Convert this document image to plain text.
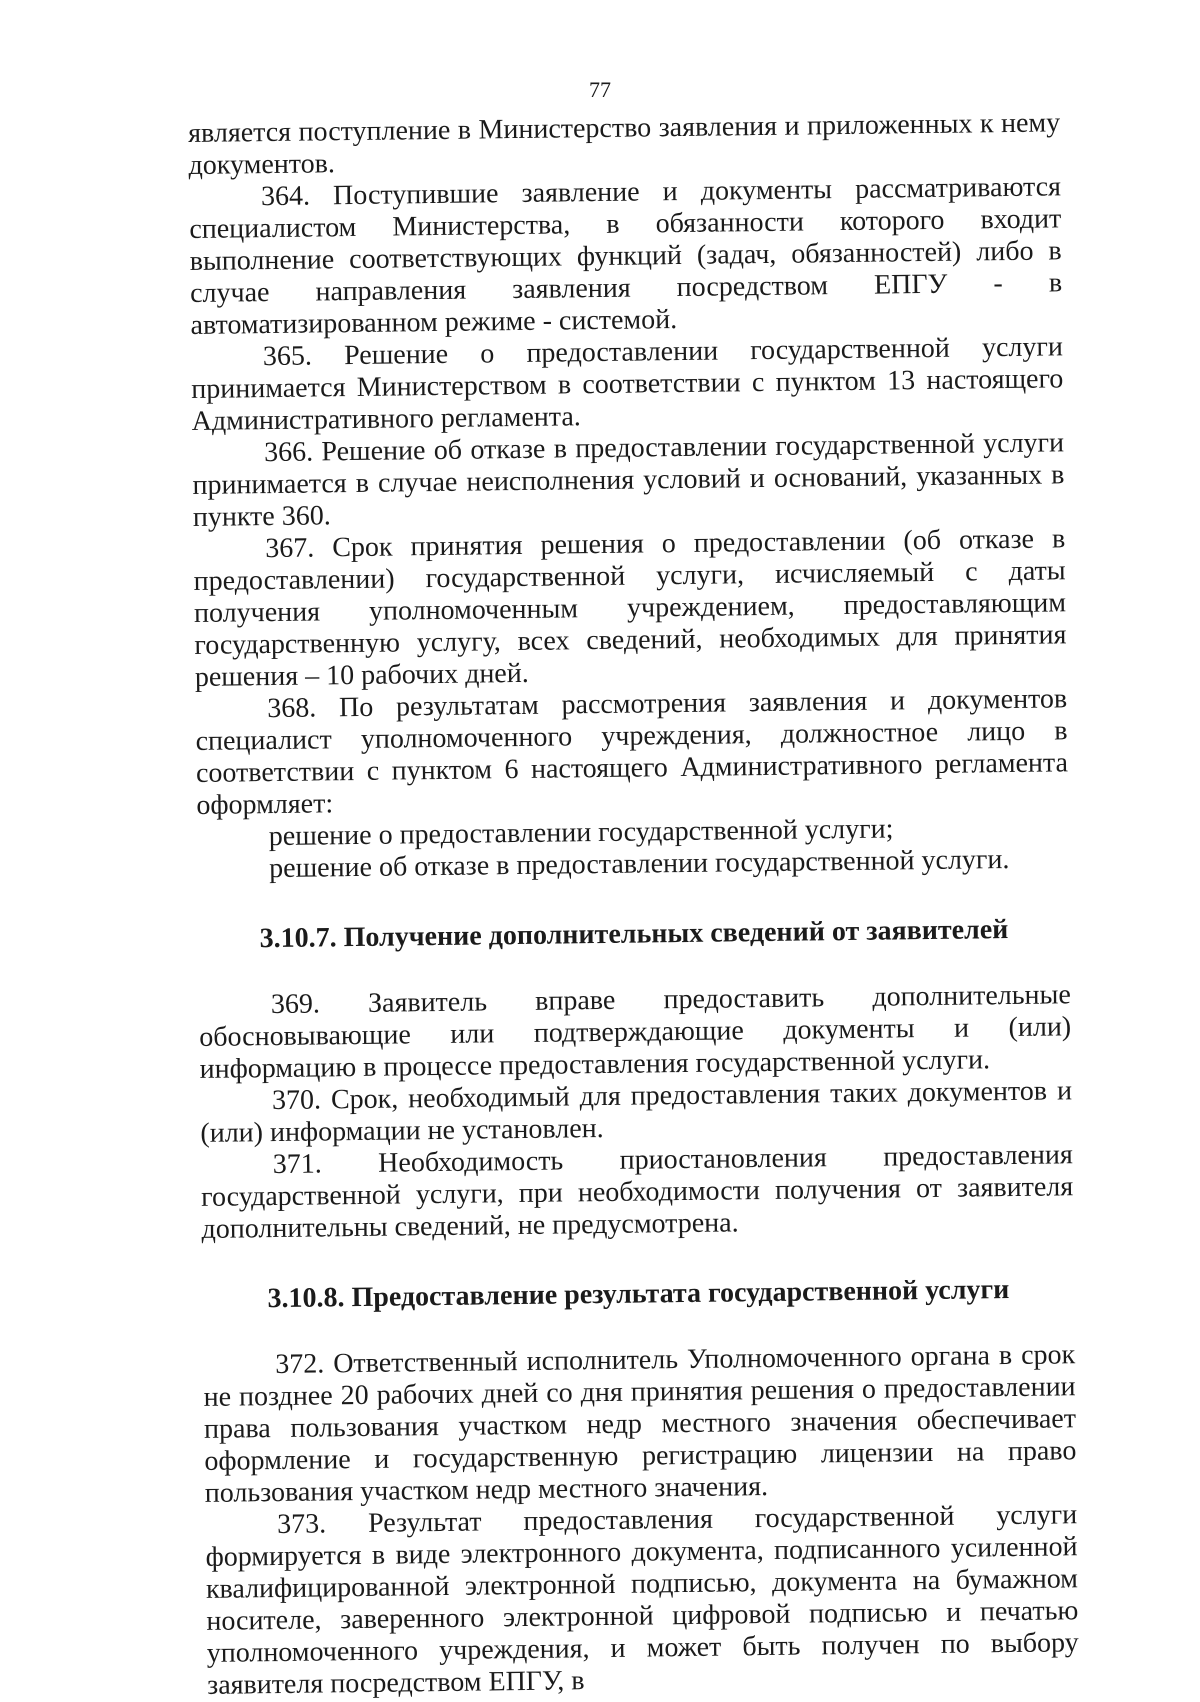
77

является поступление в Министерство заявления и приложенных к нему документов.

364. Поступившие заявление и документы рассматриваются специалистом Министерства, в обязанности которого входит выполнение соответствующих функций (задач, обязанностей) либо в случае направления заявления посредством ЕПГУ - в автоматизированном режиме - системой.

365. Решение о предоставлении государственной услуги принимается Министерством в соответствии с пунктом 13 настоящего Административного регламента.

366. Решение об отказе в предоставлении государственной услуги принимается в случае неисполнения условий и оснований, указанных в пункте 360.

367. Срок принятия решения о предоставлении (об отказе в предоставлении) государственной услуги, исчисляемый с даты получения уполномоченным учреждением, предоставляющим государственную услугу, всех сведений, необходимых для принятия решения – 10 рабочих дней.

368. По результатам рассмотрения заявления и документов специалист уполномоченного учреждения, должностное лицо в соответствии с пунктом 6 настоящего Административного регламента оформляет:

решение о предоставлении государственной услуги;

решение об отказе в предоставлении государственной услуги.

3.10.7. Получение дополнительных сведений от заявителей

369. Заявитель вправе предоставить дополнительные обосновывающие или подтверждающие документы и (или) информацию в процессе предоставления государственной услуги.

370. Срок, необходимый для предоставления таких документов и (или) информации не установлен.

371. Необходимость приостановления предоставления государственной услуги, при необходимости получения от заявителя дополнительны сведений, не предусмотрена.

3.10.8. Предоставление результата государственной услуги

372. Ответственный исполнитель Уполномоченного органа в срок не позднее 20 рабочих дней со дня принятия решения о предоставлении права пользования участком недр местного значения обеспечивает оформление и государственную регистрацию лицензии на право пользования участком недр местного значения.

373. Результат предоставления государственной услуги формируется в виде электронного документа, подписанного усиленной квалифицированной электронной подписью, документа на бумажном носителе, заверенного электронной цифровой подписью и печатью уполномоченного учреждения, и может быть получен по выбору заявителя посредством ЕПГУ, в
